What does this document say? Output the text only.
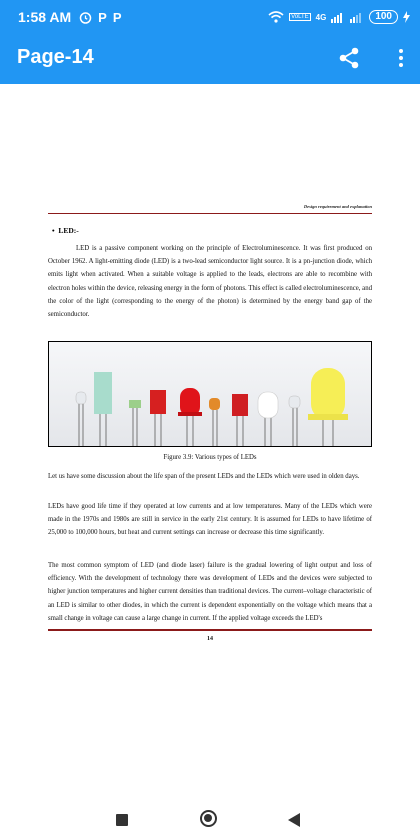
1:58 AM P P	VoLTE 4G	100
Page-14
Design requirement and explanation
•  LED:-

LED is a passive component working on the principle of Electroluminescence. It was first produced on October 1962. A light-emitting diode (LED) is a two-lead semiconductor light source. It is a pn-junction diode, which emits light when activated. When a suitable voltage is applied to the leads, electrons are able to recombine with electron holes within the device, releasing energy in the form of photons. This effect is called electroluminescence, and the color of the light (corresponding to the energy of the photon) is determined by the energy band gap of the semiconductor.

Figure 3.9: Various types of LEDs

Let us have some discussion about the life span of the present LEDs and the LEDs which were used in olden days.

LEDs have good life time if they operated at low currents and at low temperatures. Many of the LEDs which were made in the 1970s and 1980s are still in service in the early 21st century. It is assumed for LEDs to have lifetime of 25,000 to 100,000 hours, but heat and current settings can increase or decrease this time significantly.

The most common symptom of LED (and diode laser) failure is the gradual lowering of light output and loss of efficiency. With the development of technology there was development of LEDs and the devices were subjected to higher junction temperatures and higher current densities than traditional devices. The current–voltage characteristic of an LED is similar to other diodes, in which the current is dependent exponentially on the voltage which means that a small change in voltage can cause a large change in current. If the applied voltage exceeds the LED's

14
